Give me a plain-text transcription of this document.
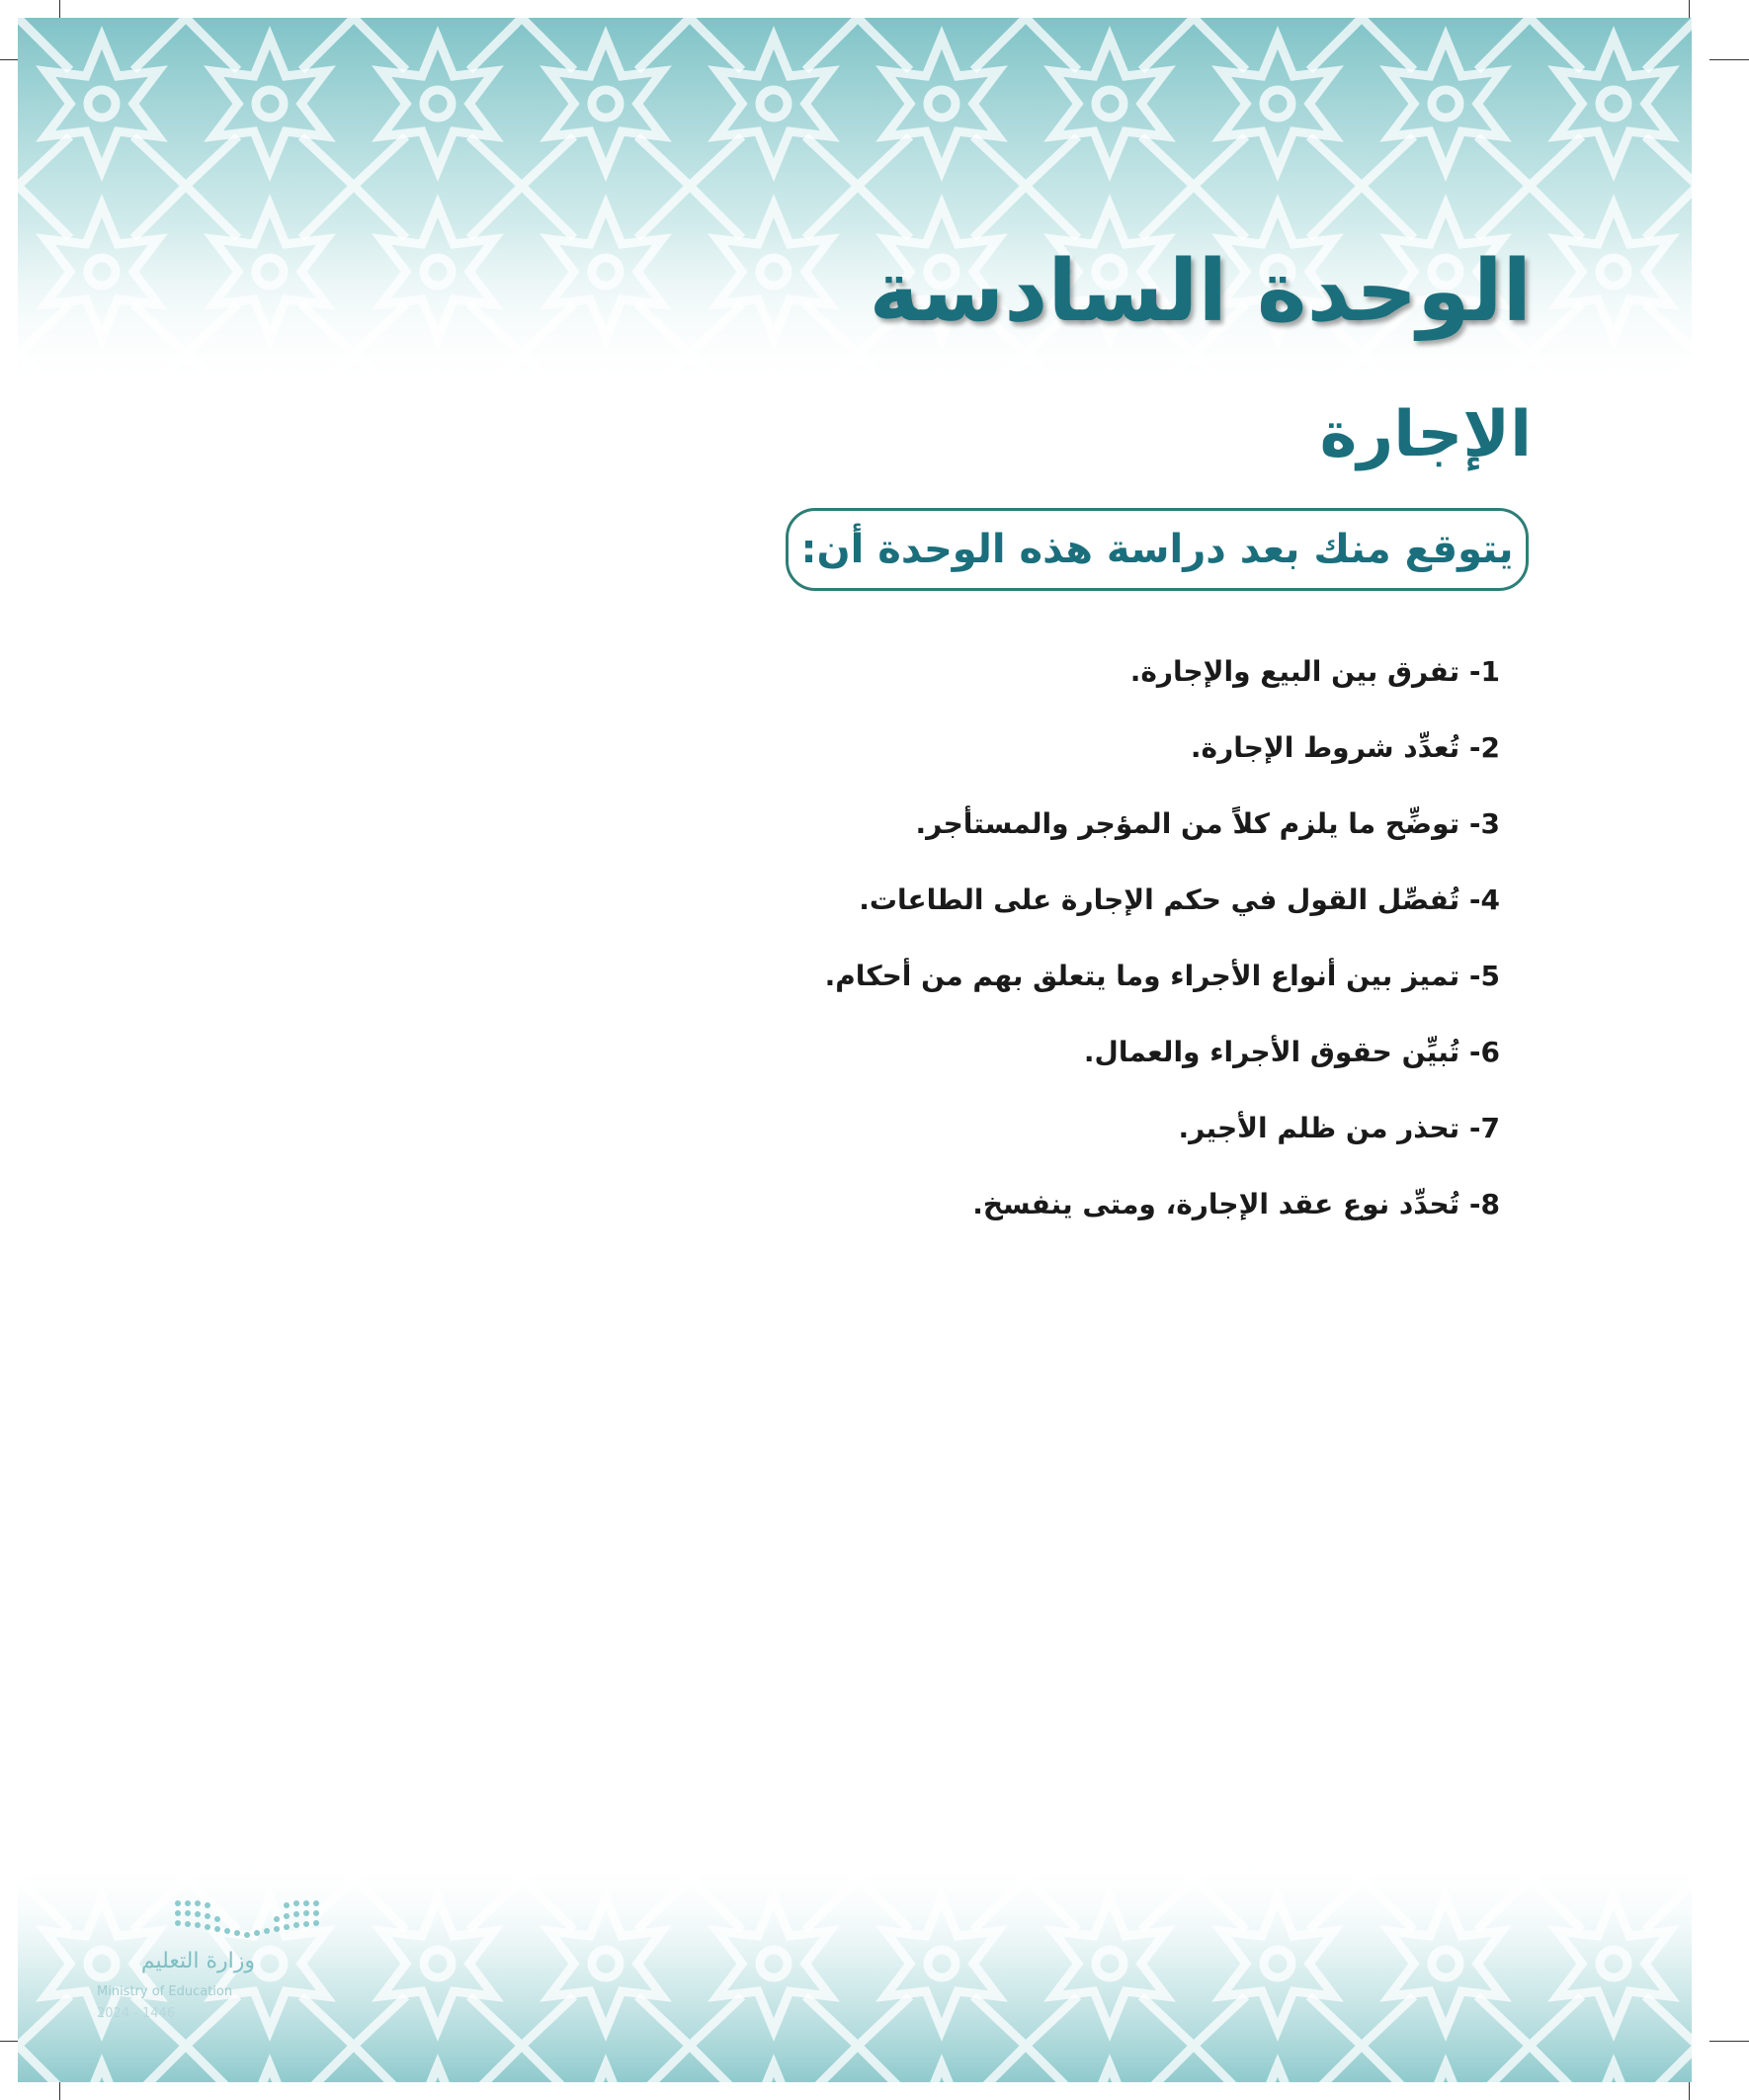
الوحدة السادسة
الإجارة
يتوقع منك بعد دراسة هذه الوحدة أن:
1- تفرق بين البيع والإجارة.
2- تُعدِّد شروط الإجارة.
3- توضِّح ما يلزم كلاً من المؤجر والمستأجر.
4- تُفصِّل القول في حكم الإجارة على الطاعات.
5- تميز بين أنواع الأجراء وما يتعلق بهم من أحكام.
6- تُبيِّن حقوق الأجراء والعمال.
7- تحذر من ظلم الأجير.
8- تُحدِّد نوع عقد الإجارة، ومتى ينفسخ.
وزارة التعليم
Ministry of Education
2024 - 1446
